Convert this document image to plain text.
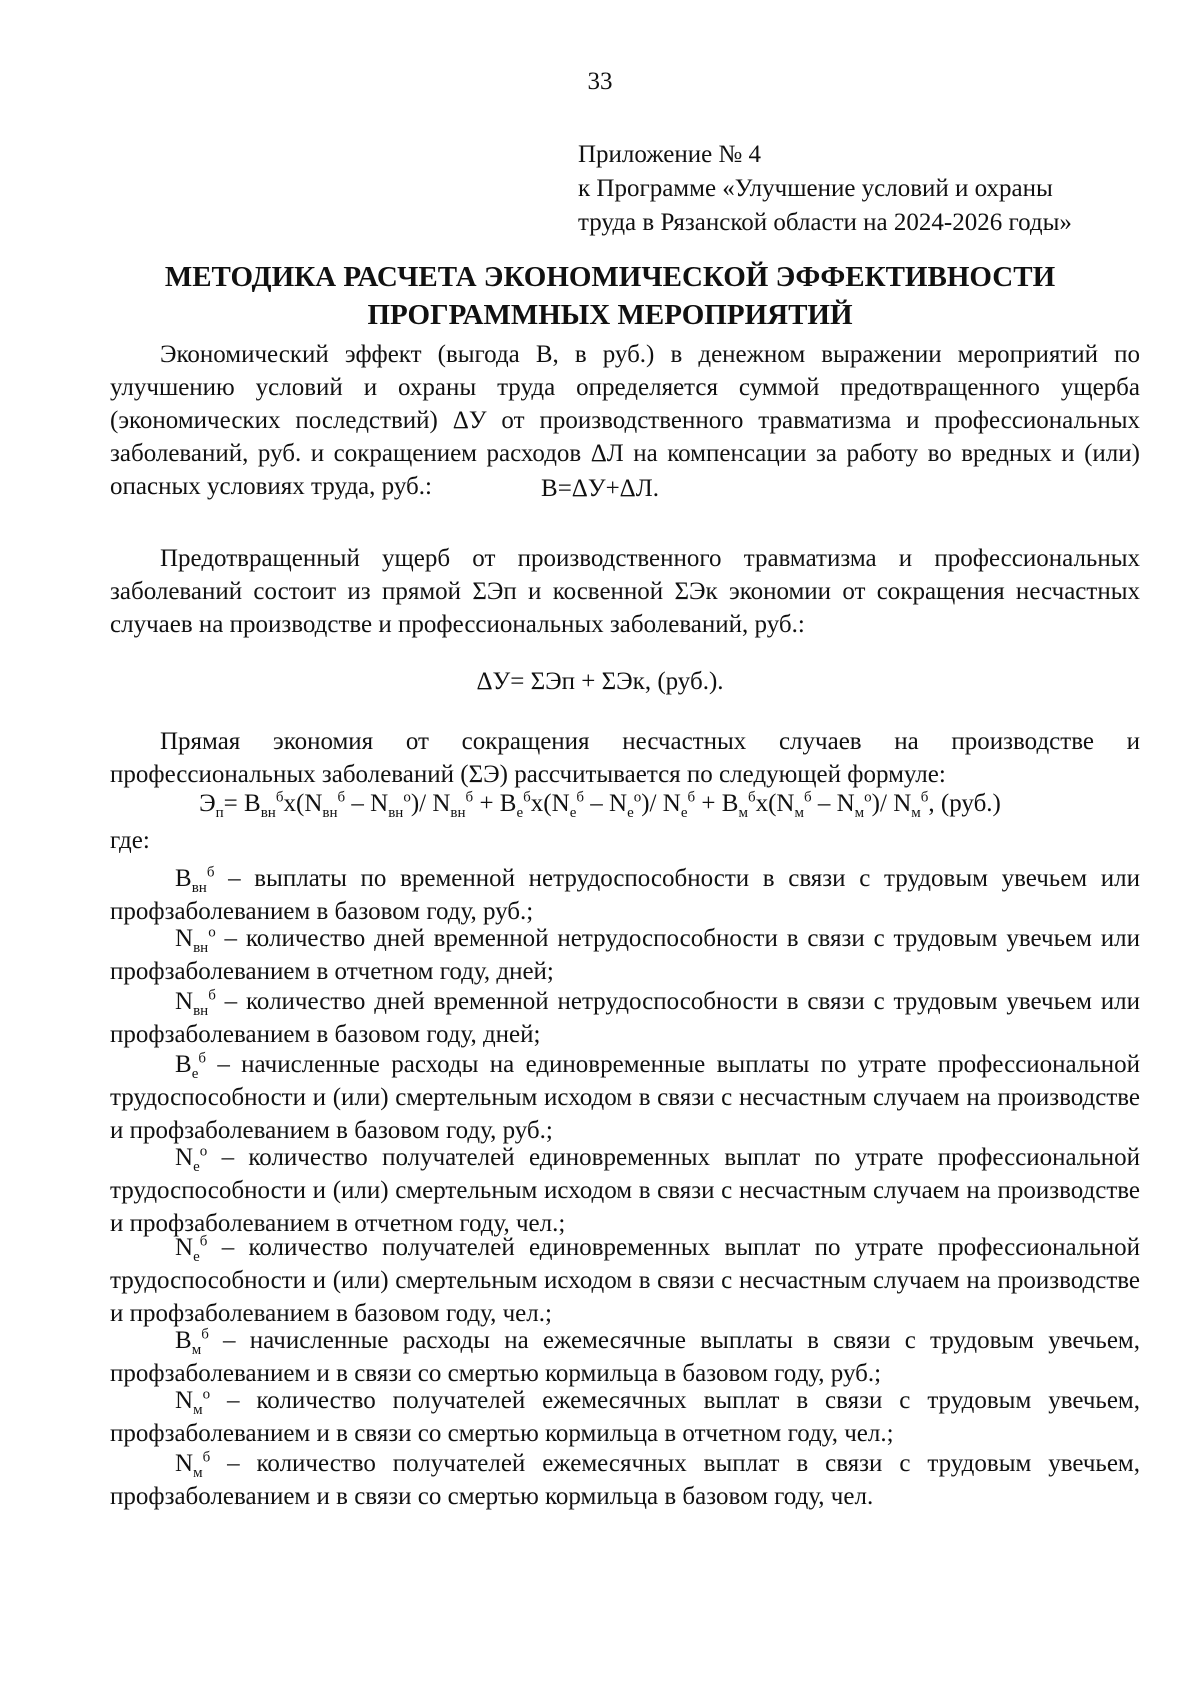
33
Приложение № 4
к Программе «Улучшение условий и охраны
труда в Рязанской области на 2024-2026 годы»
МЕТОДИКА РАСЧЕТА ЭКОНОМИЧЕСКОЙ ЭФФЕКТИВНОСТИ
ПРОГРАММНЫХ МЕРОПРИЯТИЙ
Экономический эффект (выгода В, в руб.) в денежном выражении мероприятий по улучшению условий и охраны труда определяется суммой предотвращенного ущерба (экономических последствий) ΔУ от производственного травматизма и профессиональных заболеваний, руб. и сокращением расходов ΔЛ на компенсации за работу во вредных и (или) опасных условиях труда, руб.:	В=ΔУ+ΔЛ.
Предотвращенный ущерб от производственного травматизма и профессиональных заболеваний состоит из прямой ΣЭп и косвенной ΣЭк экономии от сокращения несчастных случаев на производстве и профессиональных заболеваний, руб.:
ΔУ= ΣЭп + ΣЭк, (руб.).
Прямая экономия от сокращения несчастных случаев на производстве и профессиональных заболеваний (ΣЭ) рассчитывается по следующей формуле:
$Э_п= В_{вн}^бx(N_{вн}^б - N_{вн}^о)/$ $N_{вн}^б + В_е^бx(N_е^б - N_е^о)/$ $N_е^б + В_м^бx(N_м^б - N_м^о)/$ $N_м^б$, (руб.)
где:
$В_{вн}^б$ – выплаты по временной нетрудоспособности в связи с трудовым увечьем или профзаболеванием в базовом году, руб.;
$N_{вн}^о$ – количество дней временной нетрудоспособности в связи с трудовым увечьем или профзаболеванием в отчетном году, дней;
$N_{вн}^б$ – количество дней временной нетрудоспособности в связи с трудовым увечьем или профзаболеванием в базовом году, дней;
$В_е^б$ – начисленные расходы на единовременные выплаты по утрате профессиональной трудоспособности и (или) смертельным исходом в связи с несчастным случаем на производстве и профзаболеванием в базовом году, руб.;
$N_е^о$ – количество получателей единовременных выплат по утрате профессиональной трудоспособности и (или) смертельным исходом в связи с несчастным случаем на производстве и профзаболеванием в отчетном году, чел.;
$N_е^б$ – количество получателей единовременных выплат по утрате профессиональной трудоспособности и (или) смертельным исходом в связи с несчастным случаем на производстве и профзаболеванием в базовом году, чел.;
$В_м^б$ – начисленные расходы на ежемесячные выплаты в связи с трудовым увечьем, профзаболеванием и в связи со смертью кормильца в базовом году, руб.;
$N_м^о$ – количество получателей ежемесячных выплат в связи с трудовым увечьем, профзаболеванием и в связи со смертью кормильца в отчетном году, чел.;
$N_м^б$ – количество получателей ежемесячных выплат в связи с трудовым увечьем, профзаболеванием и в связи со смертью кормильца в базовом году, чел.
